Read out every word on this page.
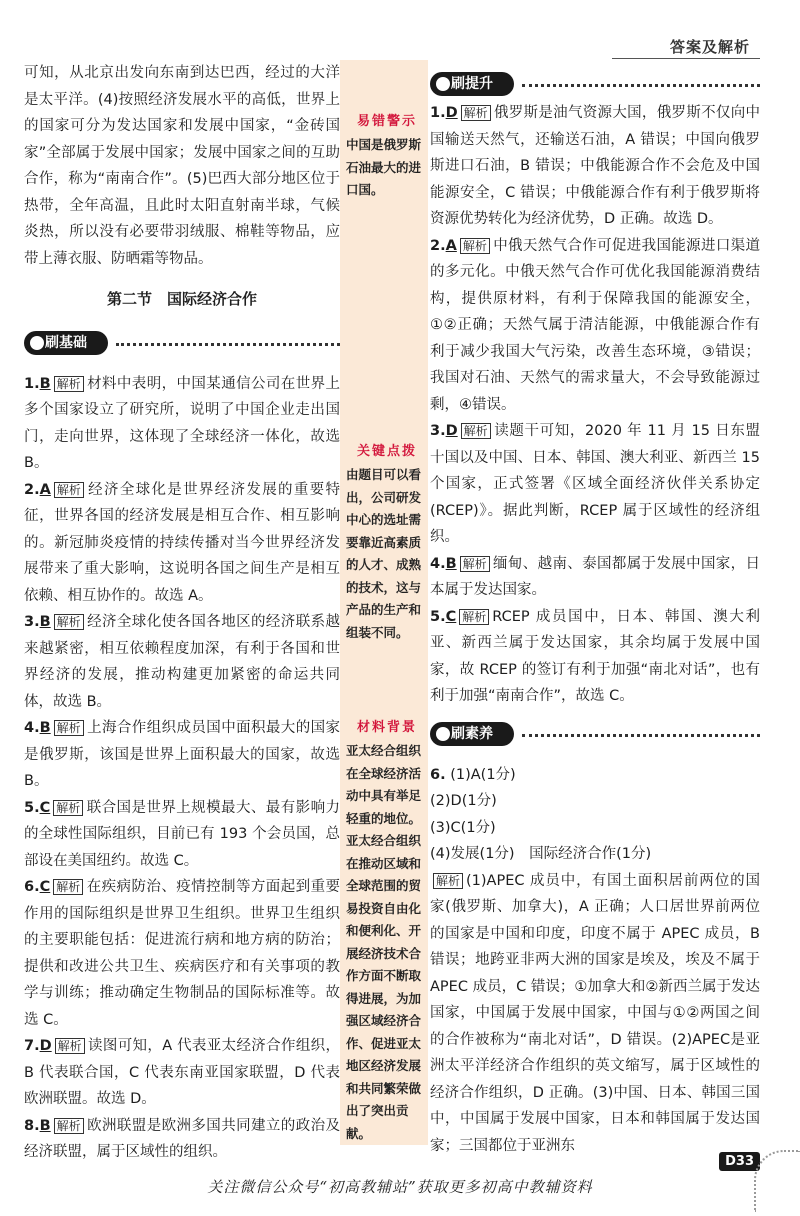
答案及解析
易错警示
中国是俄罗斯石油最大的进口国。
关键点拨
由题目可以看出，公司研发中心的选址需要靠近高素质的人才、成熟的技术，这与产品的生产和组装不同。
材料背景
亚太经合组织在全球经济活动中具有举足轻重的地位。亚太经合组织在推动区域和全球范围的贸易投资自由化和便利化、开展经济技术合作方面不断取得进展，为加强区域经济合作、促进亚太地区经济发展和共同繁荣做出了突出贡献。

可知，从北京出发向东南到达巴西，经过的大洋是太平洋。(4)按照经济发展水平的高低，世界上的国家可分为发达国家和发展中国家，“金砖国家”全部属于发展中国家；发展中国家之间的互助合作，称为“南南合作”。(5)巴西大部分地区位于热带，全年高温，且此时太阳直射南半球，气候炎热，所以没有必要带羽绒服、棉鞋等物品，应带上薄衣服、防晒霜等物品。

第二节　国际经济合作
刷基础

1.B 解析 材料中表明，中国某通信公司在世界上多个国家设立了研究所，说明了中国企业走出国门，走向世界，这体现了全球经济一体化，故选 B。

2.A 解析 经济全球化是世界经济发展的重要特征，世界各国的经济发展是相互合作、相互影响的。新冠肺炎疫情的持续传播对当今世界经济发展带来了重大影响，这说明各国之间生产是相互依赖、相互协作的。故选 A。

3.B 解析 经济全球化使各国各地区的经济联系越来越紧密，相互依赖程度加深，有利于各国和世界经济的发展，推动构建更加紧密的命运共同体，故选 B。

4.B 解析 上海合作组织成员国中面积最大的国家是俄罗斯，该国是世界上面积最大的国家，故选 B。

5.C 解析 联合国是世界上规模最大、最有影响力的全球性国际组织，目前已有 193 个会员国，总部设在美国纽约。故选 C。

6.C 解析 在疾病防治、疫情控制等方面起到重要作用的国际组织是世界卫生组织。世界卫生组织的主要职能包括：促进流行病和地方病的防治；提供和改进公共卫生、疾病医疗和有关事项的教学与训练；推动确定生物制品的国际标准等。故选 C。

7.D 解析 读图可知，A 代表亚太经济合作组织，B 代表联合国，C 代表东南亚国家联盟，D 代表欧洲联盟。故选 D。

8.B 解析 欧洲联盟是欧洲多国共同建立的政治及经济联盟，属于区域性的组织。

刷提升

1.D 解析 俄罗斯是油气资源大国，俄罗斯不仅向中国输送天然气，还输送石油，A 错误；中国向俄罗斯进口石油，B 错误；中俄能源合作不会危及中国能源安全，C 错误；中俄能源合作有利于俄罗斯将资源优势转化为经济优势，D 正确。故选 D。

2.A 解析 中俄天然气合作可促进我国能源进口渠道的多元化。中俄天然气合作可优化我国能源消费结构，提供原材料，有利于保障我国的能源安全，①②正确；天然气属于清洁能源，中俄能源合作有利于减少我国大气污染，改善生态环境，③错误；我国对石油、天然气的需求量大，不会导致能源过剩，④错误。

3.D 解析 读题干可知，2020 年 11 月 15 日东盟十国以及中国、日本、韩国、澳大利亚、新西兰 15 个国家，正式签署《区域全面经济伙伴关系协定(RCEP)》。据此判断，RCEP 属于区域性的经济组织。

4.B 解析 缅甸、越南、泰国都属于发展中国家，日本属于发达国家。

5.C 解析 RCEP 成员国中，日本、韩国、澳大利亚、新西兰属于发达国家，其余均属于发展中国家，故 RCEP 的签订有利于加强“南北对话”，也有利于加强“南南合作”，故选 C。

刷素养
6. (1)A(1分)

(2)D(1分)

(3)C(1分)

(4)发展(1分)　国际经济合作(1分)

解析 (1)APEC 成员中，有国土面积居前两位的国家(俄罗斯、加拿大)，A 正确；人口居世界前两位的国家是中国和印度，印度不属于 APEC 成员，B 错误；地跨亚非两大洲的国家是埃及，埃及不属于 APEC 成员，C 错误；①加拿大和②新西兰属于发达国家，中国属于发展中国家，中国与①②两国之间的合作被称为“南北对话”，D 错误。(2)APEC是亚洲太平洋经济合作组织的英文缩写，属于区域性的经济合作组织，D 正确。(3)中国、日本、韩国三国中，中国属于发展中国家，日本和韩国属于发达国家；三国都位于亚洲东

D33
关注微信公众号“初高教辅站”获取更多初高中教辅资料
